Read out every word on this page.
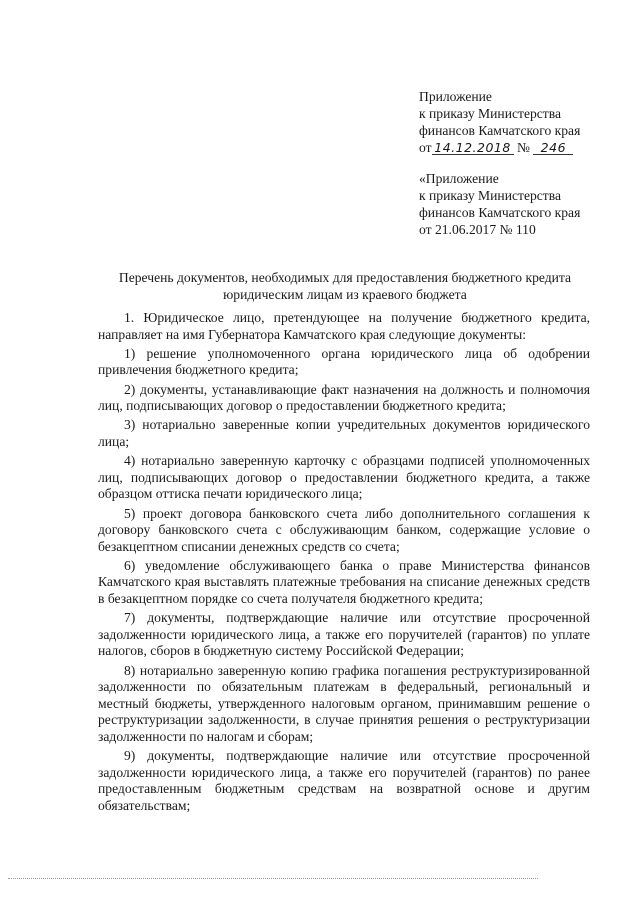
Приложение
к приказу Министерства
финансов Камчатского края
от 14.12.2018 № 246
«Приложение
к приказу Министерства
финансов Камчатского края
от 21.06.2017 № 110
Перечень документов, необходимых для предоставления бюджетного кредита
юридическим лицам из краевого бюджета

1. Юридическое лицо, претендующее на получение бюджетного кредита, направляет на имя Губернатора Камчатского края следующие документы:

1) решение уполномоченного органа юридического лица об одобрении привлечения бюджетного кредита;

2) документы, устанавливающие факт назначения на должность и полномочия лиц, подписывающих договор о предоставлении бюджетного кредита;

3) нотариально заверенные копии учредительных документов юридического лица;

4) нотариально заверенную карточку с образцами подписей уполномоченных лиц, подписывающих договор о предоставлении бюджетного кредита, а также образцом оттиска печати юридического лица;

5) проект договора банковского счета либо дополнительного соглашения к договору банковского счета с обслуживающим банком, содержащие условие о безакцептном списании денежных средств со счета;

6) уведомление обслуживающего банка о праве Министерства финансов Камчатского края выставлять платежные требования на списание денежных средств в безакцептном порядке со счета получателя бюджетного кредита;

7) документы, подтверждающие наличие или отсутствие просроченной задолженности юридического лица, а также его поручителей (гарантов) по уплате налогов, сборов в бюджетную систему Российской Федерации;

8) нотариально заверенную копию графика погашения реструктуризированной задолженности по обязательным платежам в федеральный, региональный и местный бюджеты, утвержденного налоговым органом, принимавшим решение о реструктуризации задолженности, в случае принятия решения о реструктуризации задолженности по налогам и сборам;

9) документы, подтверждающие наличие или отсутствие просроченной задолженности юридического лица, а также его поручителей (гарантов) по ранее предоставленным бюджетным средствам на возвратной основе и другим обязательствам;
